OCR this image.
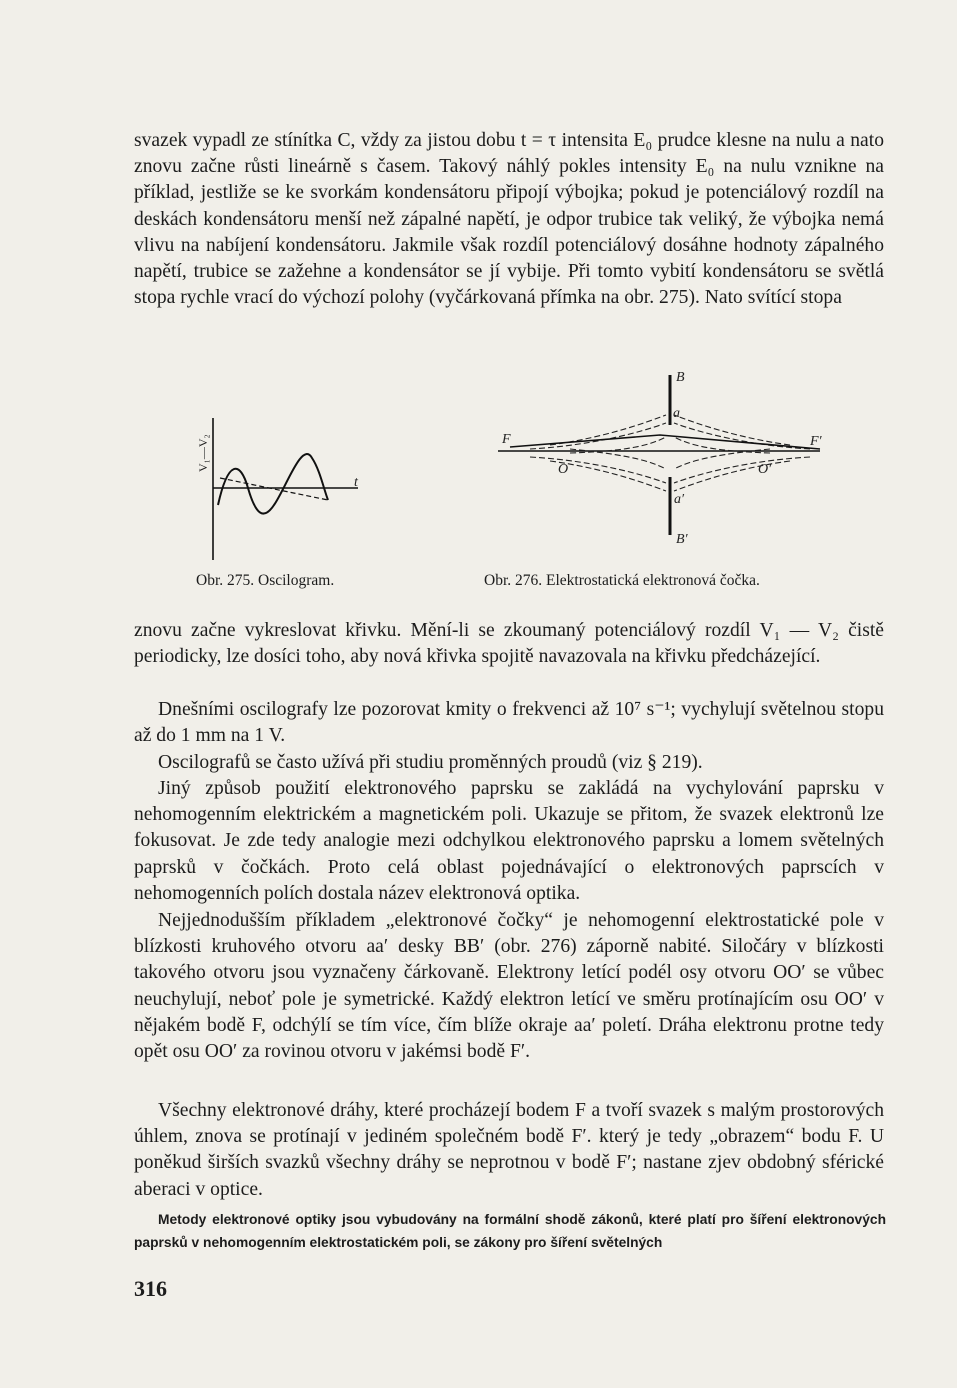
svazek vypadl ze stínítka C, vždy za jistou dobu t = τ intensita E₀ prudce klesne na nulu a nato znovu začne růsti lineárně s časem. Takový náhlý pokles intensity E₀ na nulu vznikne na příklad, jestliže se ke svorkám kondensátoru připojí výbojka; pokud je potenciálový rozdíl na deskách kondensátoru menší než zápalné napětí, je odpor trubice tak veliký, že výbojka nemá vlivu na nabíjení kondensátoru. Jakmile však rozdíl potenciálový dosáhne hodnoty zápalného napětí, trubice se zažehne a kondensátor se jí vybije. Při tomto vybití kondensátoru se světlá stopa rychle vrací do výchozí polohy (vyčárkovaná přímka na obr. 275). Nato svítící stopa

V₁—V₂
t
Obr. 275. Oscilogram.
B
a
F	F′
O	O′
a′
B′
Obr. 276. Elektrostatická elektronová čočka.

znovu začne vykreslovat křivku. Mění-li se zkoumaný potenciálový rozdíl V₁ — V₂ čistě periodicky, lze dosíci toho, aby nová křivka spojitě navazovala na křivku předcházející.

Dnešními oscilografy lze pozorovat kmity o frekvenci až 10⁷ s⁻¹; vychylují světelnou stopu až do 1 mm na 1 V.

Oscilografů se často užívá při studiu proměnných proudů (viz § 219).

Jiný způsob použití elektronového paprsku se zakládá na vychylování paprsku v nehomogenním elektrickém a magnetickém poli. Ukazuje se přitom, že svazek elektronů lze fokusovat. Je zde tedy analogie mezi odchylkou elektronového paprsku a lomem světelných paprsků v čočkách. Proto celá oblast pojednávající o elektronových paprscích v nehomogenních polích dostala název elektronová optika.

Nejjednodušším příkladem „elektronové čočky“ je nehomogenní elektrostatické pole v blízkosti kruhového otvoru aa′ desky BB′ (obr. 276) záporně nabité. Siločáry v blízkosti takového otvoru jsou vyznačeny čárkovaně. Elektrony letící podél osy otvoru OO′ se vůbec neuchylují, neboť pole je symetrické. Každý elektron letící ve směru protínajícím osu OO′ v nějakém bodě F, odchýlí se tím více, čím blíže okraje aa′ poletí. Dráha elektronu protne tedy opět osu OO′ za rovinou otvoru v jakémsi bodě F′.

Všechny elektronové dráhy, které procházejí bodem F a tvoří svazek s malým prostorových úhlem, znova se protínají v jediném společném bodě F′. který je tedy „obrazem“ bodu F. U poněkud širších svazků všechny dráhy se neprotnou v bodě F′; nastane zjev obdobný sférické aberaci v optice.

Metody elektronové optiky jsou vybudovány na formální shodě zákonů, které platí pro šíření elektronových paprsků v nehomogenním elektrostatickém poli, se zákony pro šíření světelných

316
